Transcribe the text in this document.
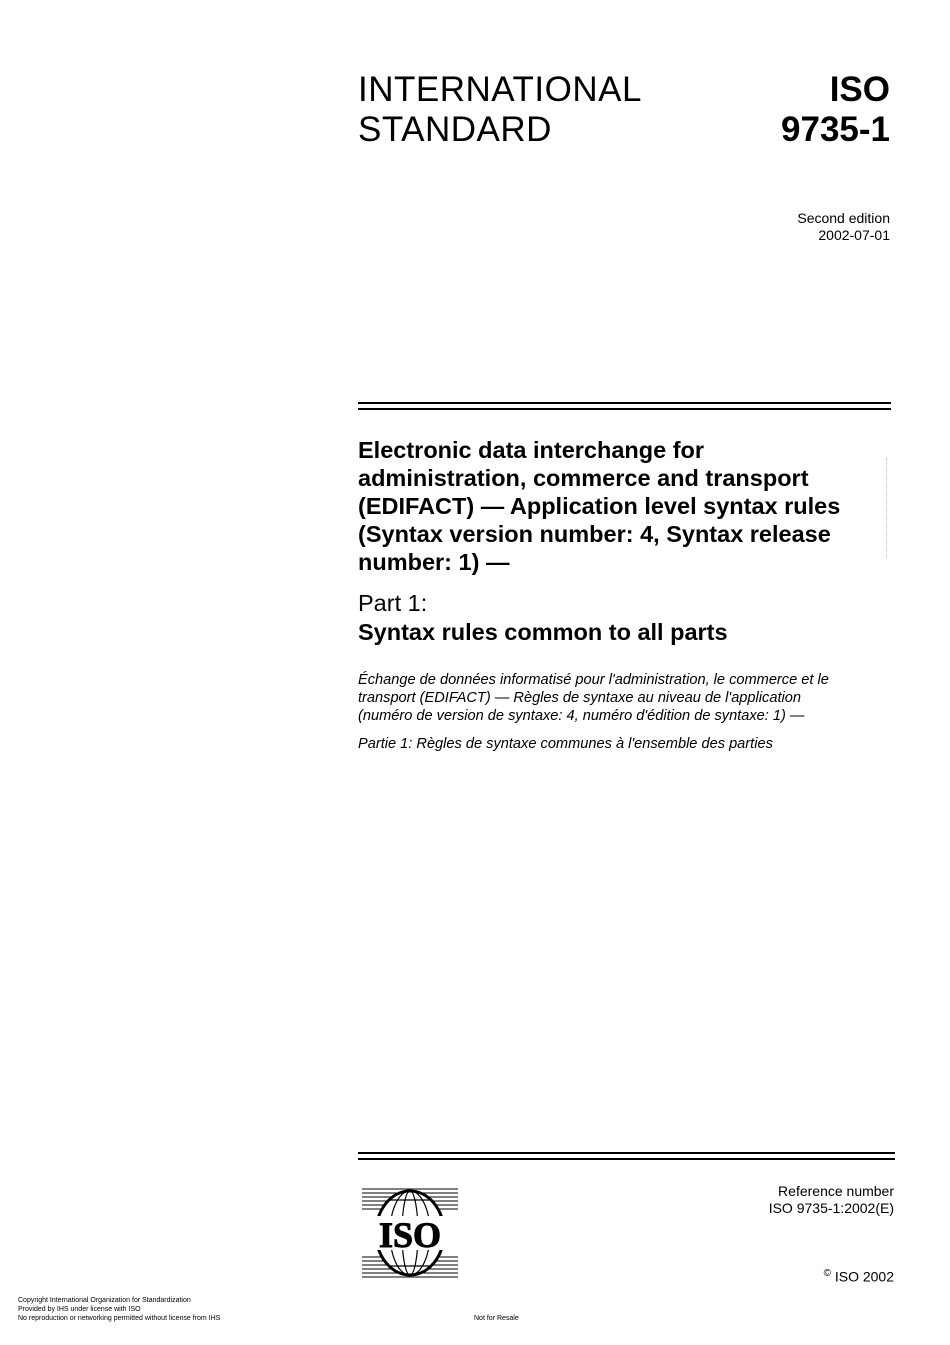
INTERNATIONAL
STANDARD
ISO
9735-1
Second edition
2002-07-01
Electronic data interchange for
administration, commerce and transport
(EDIFACT) — Application level syntax rules
(Syntax version number: 4, Syntax release
number: 1) —
Part 1:
Syntax rules common to all parts
Échange de données informatisé pour l'administration, le commerce et le
transport (EDIFACT) — Règles de syntaxe au niveau de l'application
(numéro de version de syntaxe: 4, numéro d'édition de syntaxe: 1) —
Partie 1: Règles de syntaxe communes à l'ensemble des parties
ISO
Reference number
ISO 9735-1:2002(E)
© ISO 2002
Copyright International Organization for Standardization
Provided by IHS under license with ISO
No reproduction or networking permitted without license from IHS	Not for Resale
